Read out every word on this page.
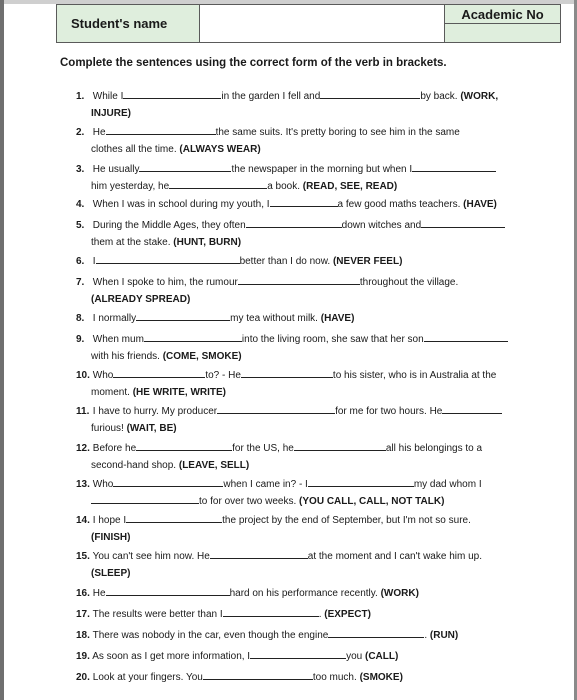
Student's name		Academic No

Complete the sentences using the correct form of the verb in brackets.
1. While I	in the garden I fell and	by back. (WORK,
INJURE)
2. He	the same suits. It's pretty boring to see him in the same
clothes all the time. (ALWAYS WEAR)
3. He usually	the newspaper in the morning but when I
him yesterday, he	a book. (READ, SEE, READ)
4. When I was in school during my youth, I	a few good maths teachers. (HAVE)
5. During the Middle Ages, they often	down witches and
them at the stake. (HUNT, BURN)
6. I	better than I do now. (NEVER FEEL)
7. When I spoke to him, the rumour	throughout the village.
(ALREADY SPREAD)
8. I normally	my tea without milk. (HAVE)
9. When mum	into the living room, she saw that her son
with his friends. (COME, SMOKE)
10. Who	to? - He	to his sister, who is in Australia at the
moment. (HE WRITE, WRITE)
11. I have to hurry. My producer	for me for two hours. He
furious! (WAIT, BE)
12. Before he	for the US, he	all his belongings to a
second-hand shop. (LEAVE, SELL)
13. Who	when I came in? - I	my dad whom I
to for over two weeks. (YOU CALL, CALL, NOT TALK)
14. I hope I	the project by the end of September, but I'm not so sure.
(FINISH)
15. You can't see him now. He	at the moment and I can't wake him up.
(SLEEP)
16. He	hard on his performance recently. (WORK)
17. The results were better than I	. (EXPECT)
18. There was nobody in the car, even though the engine	. (RUN)
19. As soon as I get more information, I	you (CALL)
20. Look at your fingers. You	too much. (SMOKE)
